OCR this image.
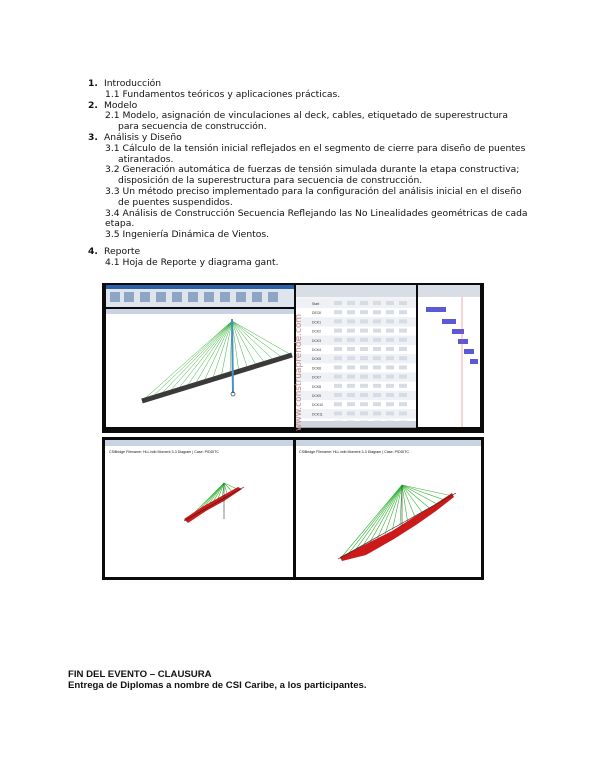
1. Introducción
1.1 Fundamentos teóricos y aplicaciones prácticas.
2. Modelo
2.1 Modelo, asignación de vinculaciones al deck, cables, etiquetado de superestructura
para secuencia de construcción.
3. Análisis y Diseño
3.1 Cálculo de la tensión inicial reflejados en el segmento de cierre para diseño de puentes
atirantados.
3.2 Generación automática de fuerzas de tensión simulada durante la etapa constructiva;
disposición de la superestructura para secuencia de construcción.
3.3 Un método preciso implementado para la configuración del análisis inicial en el diseño
de puentes suspendidos.
3.4 Análisis de Construcción Secuencia Reflejando las No Linealidades geométricas de cada etapa.
3.5 Ingeniería Dinámica de Vientos.
4. Reporte
4.1 Hoja de Reporte y diagrama gant.
Start
DECK
DCK1
DCK2
DCK3
DCK4
DCK5
DCK6
DCK7
DCK8
DCK9
DCK10
DCK11
www.construaprende.com
CSiBridge Filename: HLL.bdb Moment 3-3 Diagram | Case: PIDDITC	CSiBridge Filename: HLL.bdb Moment 3-3 Diagram | Case: PIDDITC
FIN DEL EVENTO – CLAUSURA
Entrega de Diplomas a nombre de CSI Caribe, a los participantes.
